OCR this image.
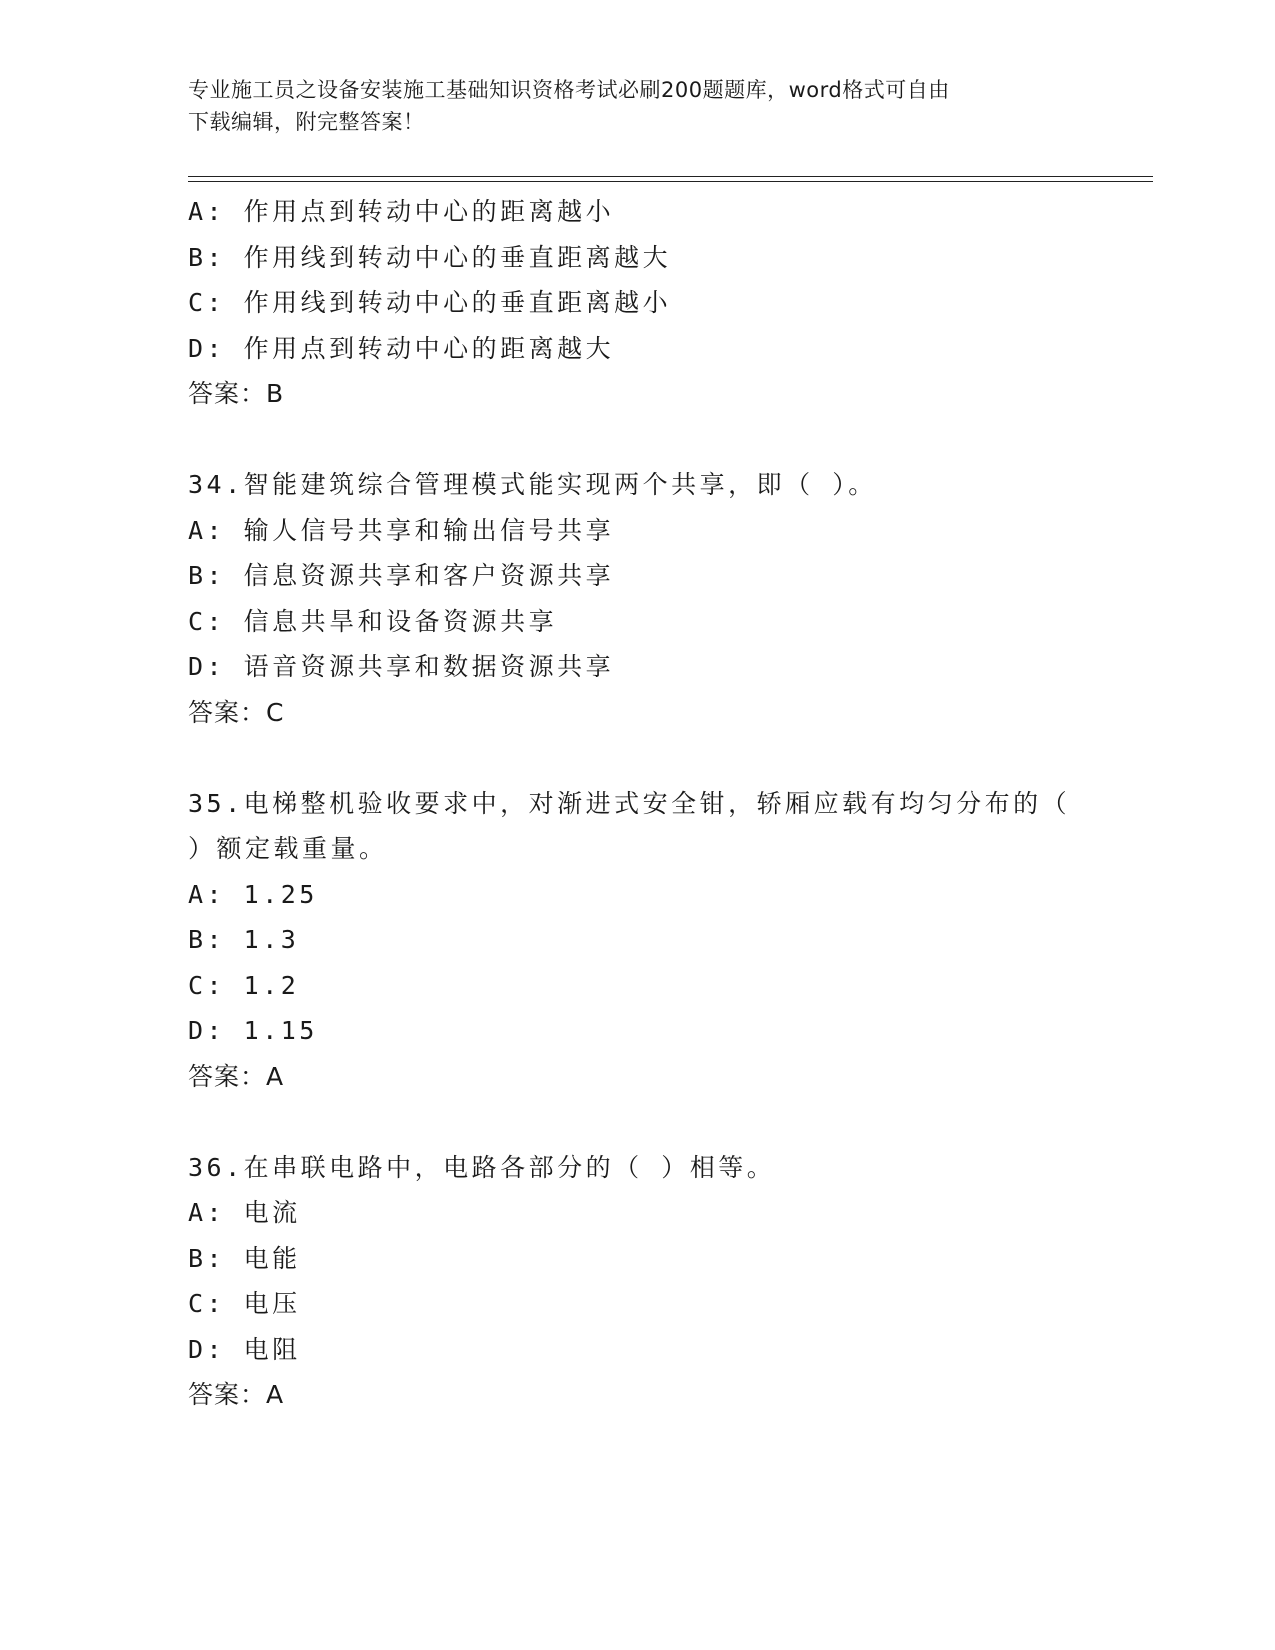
专业施工员之设备安装施工基础知识资格考试必刷200题题库，word格式可自由
下载编辑，附完整答案！
A: 作用点到转动中心的距离越小
B: 作用线到转动中心的垂直距离越大
C: 作用线到转动中心的垂直距离越小
D: 作用点到转动中心的距离越大
答案：B
34.智能建筑综合管理模式能实现两个共享，即（ ）。
A: 输人信号共享和输出信号共享
B: 信息资源共享和客户资源共享
C: 信息共旱和设备资源共享
D: 语音资源共享和数据资源共享
答案：C
35.电梯整机验收要求中，对渐进式安全钳，轿厢应载有均匀分布的（
）额定载重量。
A: 1.25
B: 1.3
C: 1.2
D: 1.15
答案：A
36.在串联电路中，电路各部分的（ ）相等。
A: 电流
B: 电能
C: 电压
D: 电阻
答案：A
